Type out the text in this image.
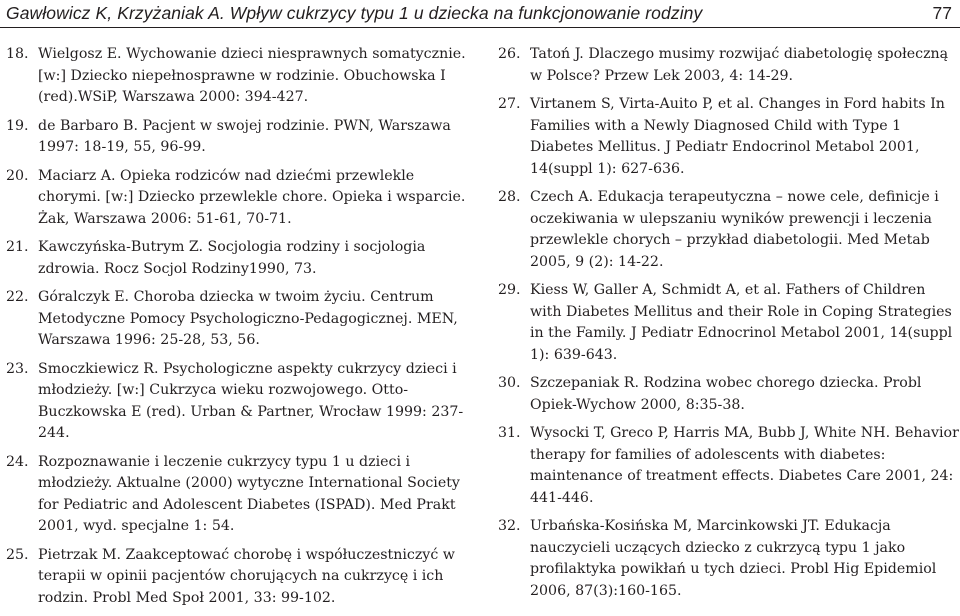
Gawłowicz K, Krzyżaniak A. Wpływ cukrzycy typu 1 u dziecka na funkcjonowanie rodziny	77
18. Wielgosz E. Wychowanie dzieci niesprawnych somatycznie. [w:] Dziecko niepełnosprawne w rodzinie. Obuchowska I (red).WSiP, Warszawa 2000: 394-427.
19. de Barbaro B. Pacjent w swojej rodzinie. PWN, Warszawa 1997: 18-19, 55, 96-99.
20. Maciarz A. Opieka rodziców nad dziećmi przewlekle chorymi. [w:] Dziecko przewlekle chore. Opieka i wsparcie. Żak, Warszawa 2006: 51-61, 70-71.
21. Kawczyńska-Butrym Z. Socjologia rodziny i socjologia zdrowia. Rocz Socjol Rodziny1990, 73.
22. Góralczyk E. Choroba dziecka w twoim życiu. Centrum Metodyczne Pomocy Psychologiczno-Pedagogicznej. MEN, Warszawa 1996: 25-28, 53, 56.
23. Smoczkiewicz R. Psychologiczne aspekty cukrzycy dzieci i młodzieży. [w:] Cukrzyca wieku rozwojowego. Otto-Buczkowska E (red). Urban & Partner, Wrocław 1999: 237-244.
24. Rozpoznawanie i leczenie cukrzycy typu 1 u dzieci i młodzieży. Aktualne (2000) wytyczne International Society for Pediatric and Adolescent Diabetes (ISPAD). Med Prakt 2001, wyd. specjalne 1: 54.
25. Pietrzak M. Zaakceptować chorobę i współuczestniczyć w terapii w opinii pacjentów chorujących na cukrzycę i ich rodzin. Probl Med Społ 2001, 33: 99-102.
26. Tatoń J. Dlaczego musimy rozwijać diabetologię społeczną w Polsce? Przew Lek 2003, 4: 14-29.
27. Virtanem S, Virta-Auito P, et al. Changes in Ford habits In Families with a Newly Diagnosed Child with Type 1 Diabetes Mellitus. J Pediatr Endocrinol Metabol 2001, 14(suppl 1): 627-636.
28. Czech A. Edukacja terapeutyczna – nowe cele, definicje i oczekiwania w ulepszaniu wyników prewencji i leczenia przewlekle chorych – przykład diabetologii. Med Metab 2005, 9 (2): 14-22.
29. Kiess W, Galler A, Schmidt A, et al. Fathers of Children with Diabetes Mellitus and their Role in Coping Strategies in the Family. J Pediatr Ednocrinol Metabol 2001, 14(suppl 1): 639-643.
30. Szczepaniak R. Rodzina wobec chorego dziecka. Probl Opiek-Wychow 2000, 8:35-38.
31. Wysocki T, Greco P, Harris MA, Bubb J, White NH. Behavior therapy for families of adolescents with diabetes: maintenance of treatment effects. Diabetes Care 2001, 24: 441-446.
32. Urbańska-Kosińska M, Marcinkowski JT. Edukacja nauczycieli uczących dziecko z cukrzycą typu 1 jako profilaktyka powikłań u tych dzieci. Probl Hig Epidemiol 2006, 87(3):160-165.
